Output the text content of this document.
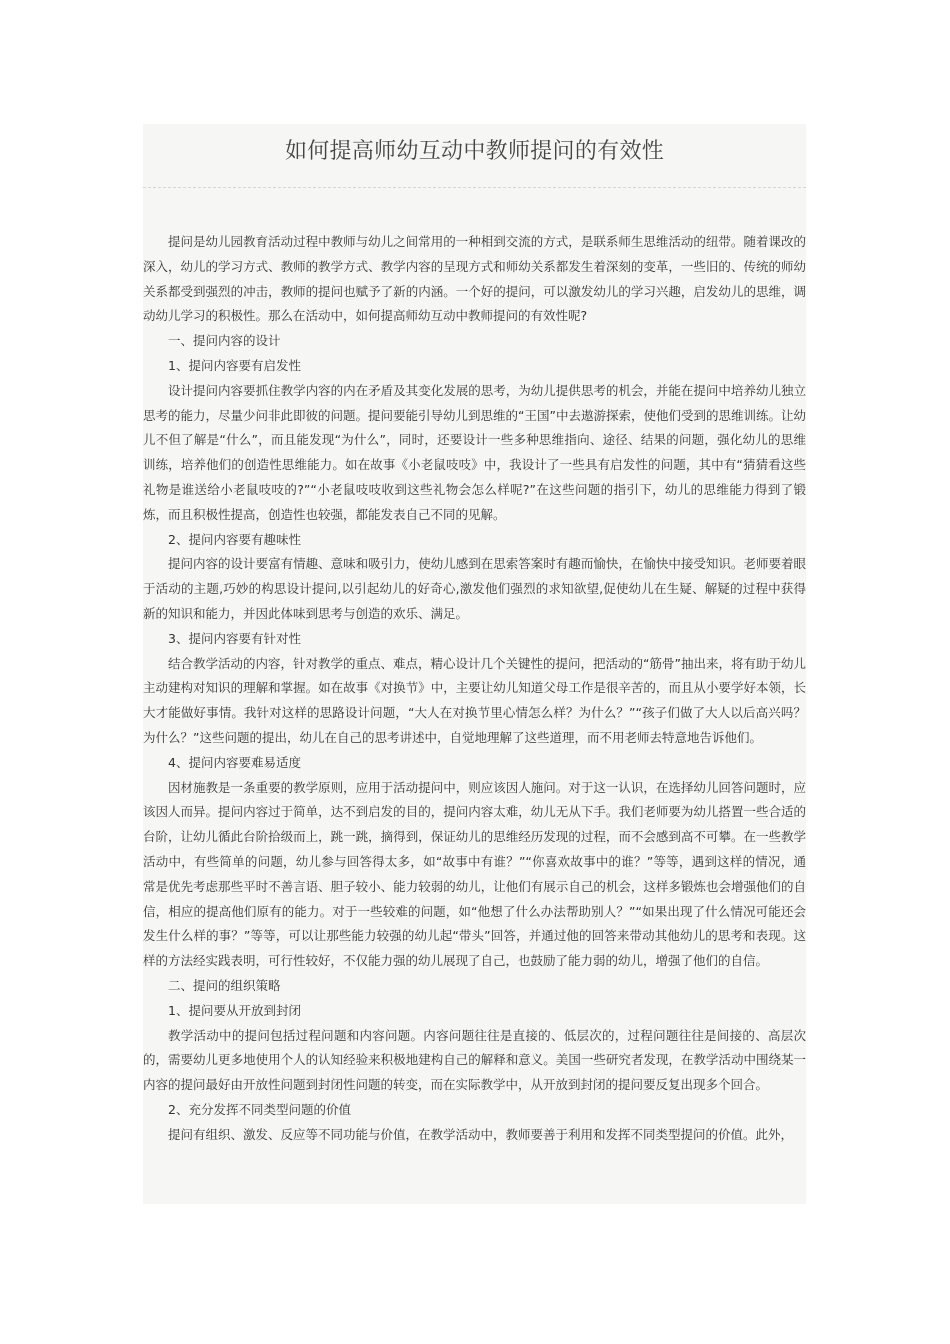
如何提高师幼互动中教师提问的有效性

提问是幼儿园教育活动过程中教师与幼儿之间常用的一种相到交流的方式，是联系师生思维活动的纽带。随着课改的深入，幼儿的学习方式、教师的教学方式、教学内容的呈现方式和师幼关系都发生着深刻的变革，一些旧的、传统的师幼关系都受到强烈的冲击，教师的提问也赋予了新的内涵。一个好的提问，可以激发幼儿的学习兴趣，启发幼儿的思维，调动幼儿学习的积极性。那么在活动中，如何提高师幼互动中教师提问的有效性呢?

一、提问内容的设计

1、提问内容要有启发性

设计提问内容要抓住教学内容的内在矛盾及其变化发展的思考，为幼儿提供思考的机会，并能在提问中培养幼儿独立思考的能力，尽量少问非此即彼的问题。提问要能引导幼儿到思维的“王国”中去遨游探索，使他们受到的思维训练。让幼儿不但了解是“什么”，而且能发现“为什么”，同时，还要设计一些多种思维指向、途径、结果的问题，强化幼儿的思维训练，培养他们的创造性思维能力。如在故事《小老鼠吱吱》中，我设计了一些具有启发性的问题，其中有“猜猜看这些礼物是谁送给小老鼠吱吱的?”“小老鼠吱吱收到这些礼物会怎么样呢?”在这些问题的指引下，幼儿的思维能力得到了锻炼，而且积极性提高，创造性也较强，都能发表自己不同的见解。

2、提问内容要有趣味性

提问内容的设计要富有情趣、意味和吸引力，使幼儿感到在思索答案时有趣而愉快，在愉快中接受知识。老师要着眼于活动的主题,巧妙的构思设计提问,以引起幼儿的好奇心,激发他们强烈的求知欲望,促使幼儿在生疑、解疑的过程中获得新的知识和能力，并因此体味到思考与创造的欢乐、满足。

3、提问内容要有针对性

结合教学活动的内容，针对教学的重点、难点，精心设计几个关键性的提问，把活动的“筋骨”抽出来，将有助于幼儿主动建构对知识的理解和掌握。如在故事《对换节》中，主要让幼儿知道父母工作是很辛苦的，而且从小要学好本领，长大才能做好事情。我针对这样的思路设计问题，“大人在对换节里心情怎么样？为什么？”“孩子们做了大人以后高兴吗？为什么？”这些问题的提出，幼儿在自己的思考讲述中，自觉地理解了这些道理，而不用老师去特意地告诉他们。

4、提问内容要难易适度

因材施教是一条重要的教学原则，应用于活动提问中，则应该因人施问。对于这一认识，在选择幼儿回答问题时，应该因人而异。提问内容过于简单，达不到启发的目的，提问内容太难，幼儿无从下手。我们老师要为幼儿搭置一些合适的台阶，让幼儿循此台阶拾级而上，跳一跳，摘得到，保证幼儿的思维经历发现的过程，而不会感到高不可攀。在一些教学活动中，有些简单的问题，幼儿参与回答得太多，如“故事中有谁？”“你喜欢故事中的谁？”等等，遇到这样的情况，通常是优先考虑那些平时不善言语、胆子较小、能力较弱的幼儿，让他们有展示自己的机会，这样多锻炼也会增强他们的自信，相应的提高他们原有的能力。对于一些较难的问题，如“他想了什么办法帮助别人？”“如果出现了什么情况可能还会发生什么样的事？”等等，可以让那些能力较强的幼儿起“带头”回答，并通过他的回答来带动其他幼儿的思考和表现。这样的方法经实践表明，可行性较好，不仅能力强的幼儿展现了自己，也鼓励了能力弱的幼儿，增强了他们的自信。

二、提问的组织策略

1、提问要从开放到封闭

教学活动中的提问包括过程问题和内容问题。内容问题往往是直接的、低层次的，过程问题往往是间接的、高层次的，需要幼儿更多地使用个人的认知经验来积极地建构自己的解释和意义。美国一些研究者发现，在教学活动中围绕某一内容的提问最好由开放性问题到封闭性问题的转变，而在实际教学中，从开放到封闭的提问要反复出现多个回合。

2、充分发挥不同类型问题的价值

提问有组织、激发、反应等不同功能与价值，在教学活动中，教师要善于利用和发挥不同类型提问的价值。此外，
